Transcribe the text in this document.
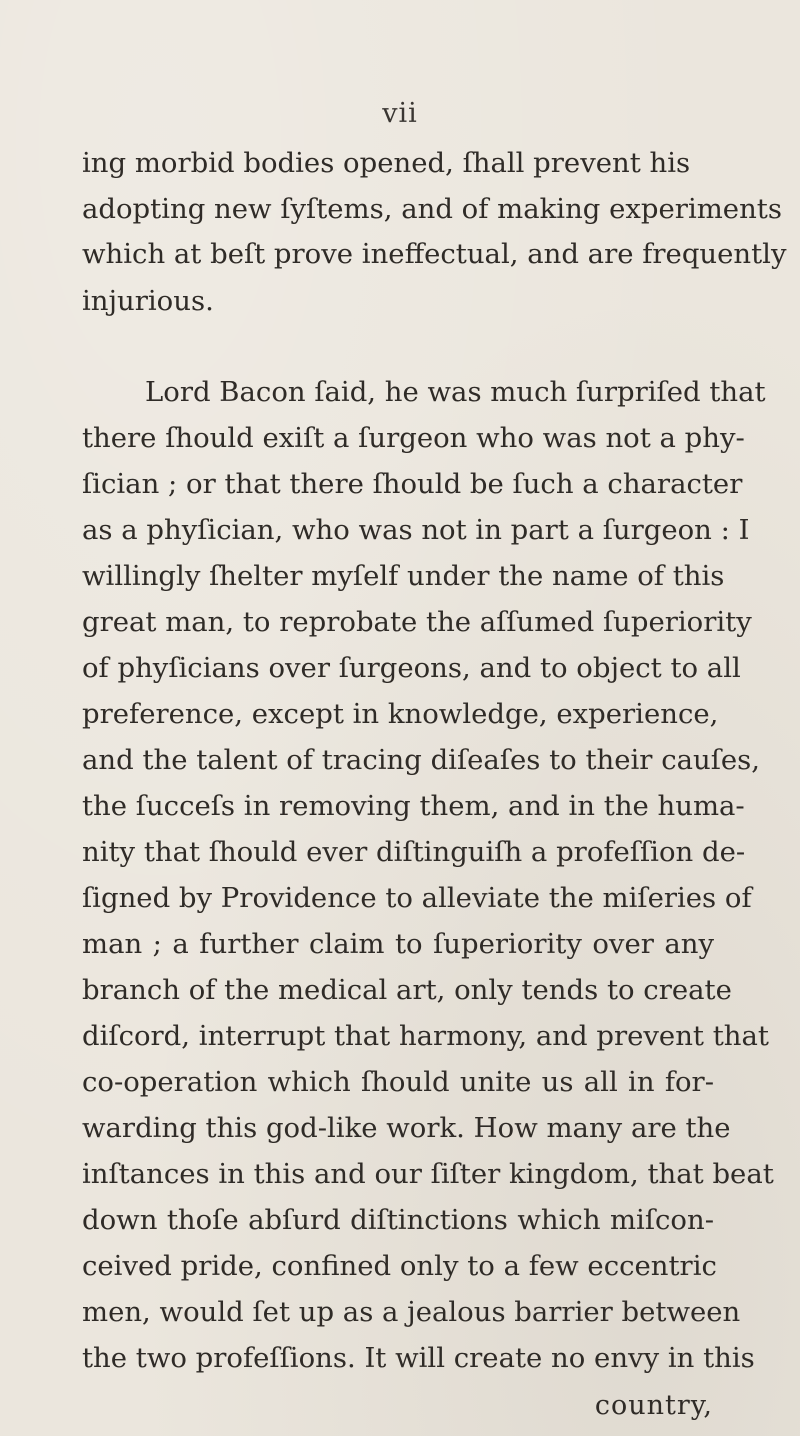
vii
ing morbid bodies opened, ſhall prevent his
adopting new ſyſtems, and of making experiments
which at beſt prove ineffectual, and are frequently
injurious.
Lord Bacon ſaid, he was much ſurpriſed that
there ſhould exiſt a ſurgeon who was not a phy-
ſician ; or that there ſhould be ſuch a character
as a phyſician, who was not in part a ſurgeon : I
willingly ſhelter myſelf under the name of this
great man, to reprobate the aſſumed ſuperiority
of phyſicians over ſurgeons, and to object to all
preference, except in knowledge, experience,
and the talent of tracing diſeaſes to their cauſes,
the ſucceſs in removing them, and in the huma-
nity that ſhould ever diſtinguiſh a profeſſion de-
ſigned by Providence to alleviate the miſeries of
man ; a further claim to ſuperiority over any
branch of the medical art, only tends to create
diſcord, interrupt that harmony, and prevent that
co-operation which ſhould unite us all in for-
warding this god-like work. How many are the
inſtances in this and our ſiſter kingdom, that beat
down thoſe abſurd diſtinctions which miſcon-
ceived pride, confined only to a few eccentric
men, would ſet up as a jealous barrier between
the two profeſſions. It will create no envy in this
country,
